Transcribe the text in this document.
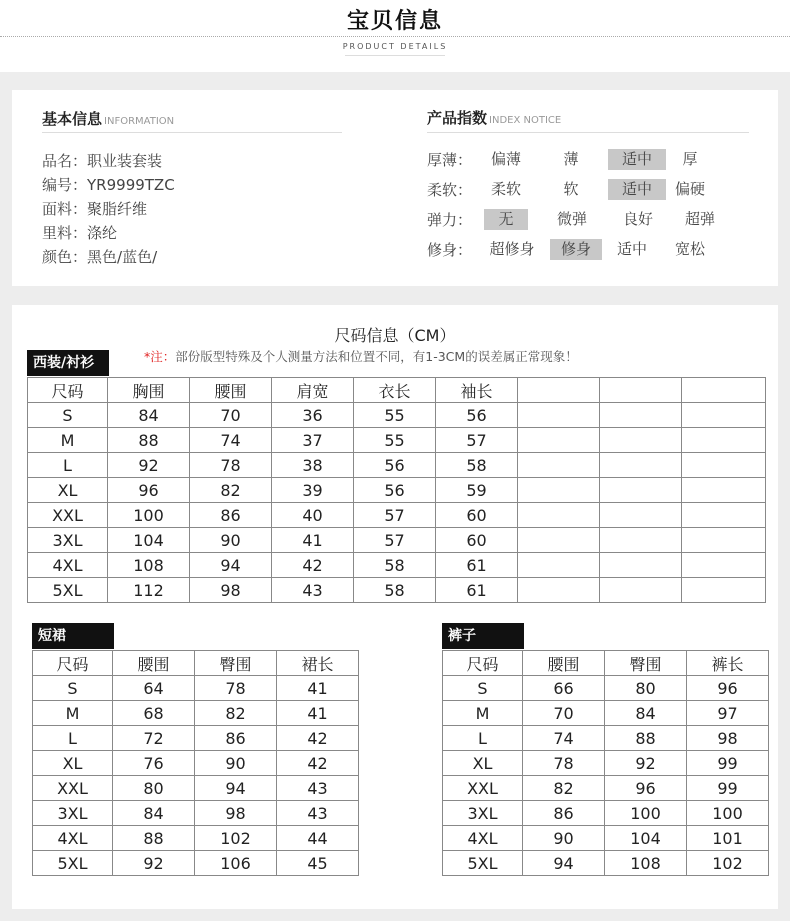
宝贝信息
PRODUCT DETAILS
基本信息 INFORMATION
品名：职业装套装
编号：YR9999TZC
面料：聚脂纤维
里料：涤纶
颜色：黑色/蓝色/
产品指数 INDEX NOTICE
厚薄：	偏薄	薄	适中	厚
柔软：	柔软	软	适中	偏硬
弹力：	无	微弹	良好	超弹
修身：	超修身	修身	适中	宽松
尺码信息（CM）
*注：部份版型特殊及个人测量方法和位置不同，有1-3CM的误差属正常现象！
西装/衬衫
尺码	胸围	腰围	肩宽	衣长	袖长			
S	84	70	36	55	56			
M	88	74	37	55	57			
L	92	78	38	56	58			
XL	96	82	39	56	59			
XXL	100	86	40	57	60			
3XL	104	90	41	57	60			
4XL	108	94	42	58	61			
5XL	112	98	43	58	61			
短裙
尺码	腰围	臀围	裙长
S	64	78	41
M	68	82	41
L	72	86	42
XL	76	90	42
XXL	80	94	43
3XL	84	98	43
4XL	88	102	44
5XL	92	106	45
裤子
尺码	腰围	臀围	裤长
S	66	80	96
M	70	84	97
L	74	88	98
XL	78	92	99
XXL	82	96	99
3XL	86	100	100
4XL	90	104	101
5XL	94	108	102
